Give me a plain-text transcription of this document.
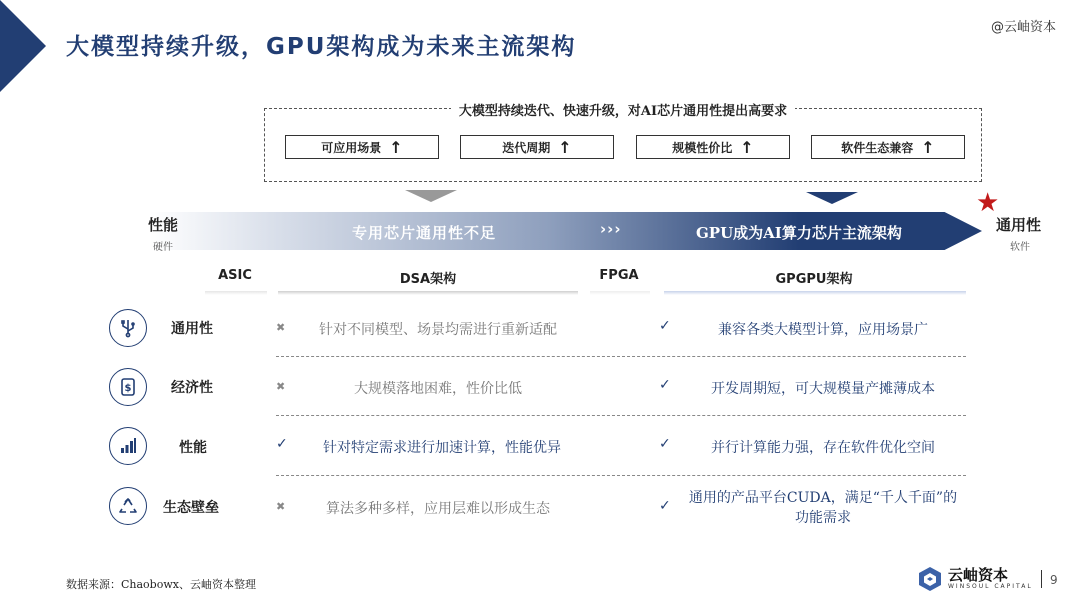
大模型持续升级，GPU架构成为未来主流架构
@云岫资本
大模型持续迭代、快速升级，对AI芯片通用性提出高要求
可应用场景 ↑	迭代周期 ↑	规模性价比 ↑	软件生态兼容 ↑
性能
硬件
专用芯片通用性不足	›››	GPU成为AI算力芯片主流架构
★
通用性
软件
ASIC	DSA架构	FPGA	GPGPU架构
通用性	✖	针对不同模型、场景均需进行重新适配	✓	兼容各类大模型计算，应用场景广
$	经济性	✖	大规模落地困难，性价比低	✓	开发周期短，可大规模量产摊薄成本
性能	✓	针对特定需求进行加速计算，性能优异	✓	并行计算能力强，存在软件优化空间
生态壁垒	✖	算法多种多样，应用层难以形成生态	✓ 通用的产品平台CUDA，满足“千人千面”的功能需求
数据来源：Chaobowx、云岫资本整理
云岫资本
WINSOUL CAPITAL 9
